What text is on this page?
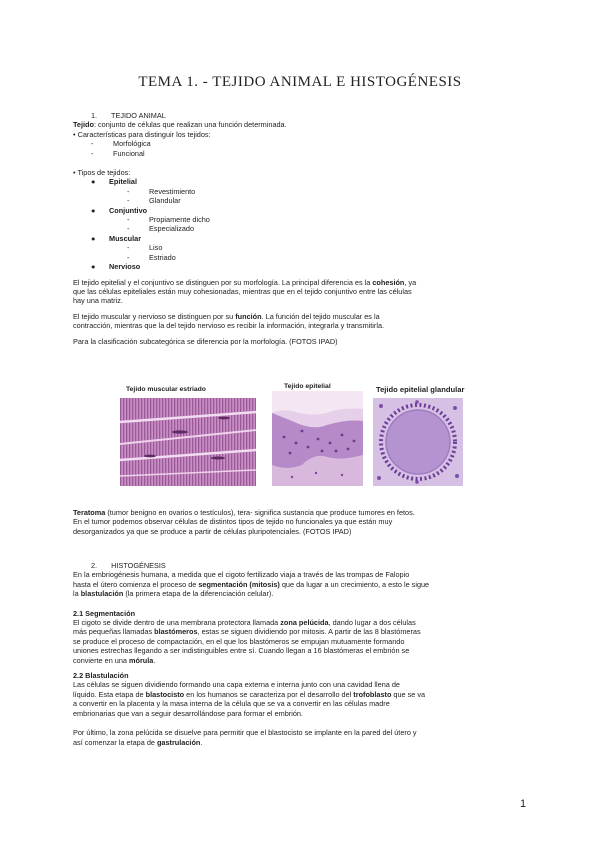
TEMA 1. - TEJIDO ANIMAL E HISTOGÉNESIS
1. TEJIDO ANIMAL
Tejido: conjunto de células que realizan una función determinada.
• Características para distinguir los tejidos:
-	Morfológica
-	Funcional
• Tipos de tejidos:
● Epitelial
-	Revestimiento
-	Glandular
● Conjuntivo
-	Propiamente dicho
-	Especializado
● Muscular
-	Liso
-	Estriado
● Nervioso
El tejido epitelial y el conjuntivo se distinguen por su morfología. La principal diferencia es la cohesión, ya
que las células epiteliales están muy cohesionadas, mientras que en el tejido conjuntivo entre las células
hay una matriz.
El tejido muscular y nervioso se distinguen por su función. La función del tejido muscular es la
contracción, mientras que la del tejido nervioso es recibir la información, integrarla y transmitirla.
Para la clasificación subcategórica se diferencia por la morfología. (FOTOS IPAD)
Tejido muscular estriado	Tejido epitelial	Tejido epitelial glandular
Teratoma (tumor benigno en ovarios o testículos), tera- significa sustancia que produce tumores en fetos.
En el tumor podemos observar células de distintos tipos de tejido no funcionales ya que están muy
desorganizados ya que se produce a partir de células pluripotenciales. (FOTOS IPAD)
2. HISTOGÉNESIS
En la embriogénesis humana, a medida que el cigoto fertilizado viaja a través de las trompas de Falopio
hasta el útero comienza el proceso de segmentación (mitosis) que da lugar a un crecimiento, a esto le sigue
la blastulación (la primera etapa de la diferenciación celular).
2.1 Segmentación
El cigoto se divide dentro de una membrana protectora llamada zona pelúcida, dando lugar a dos células
más pequeñas llamadas blastómeros, estas se siguen dividiendo por mitosis. A partir de las 8 blastómeras
se produce el proceso de compactación, en el que los blastómeros se empujan mutuamente formando
uniones estrechas llegando a ser indistinguibles entre sí. Cuando llegan a 16 blastómeras el embrión se
convierte en una mórula.
2.2 Blastulación
Las células se siguen dividiendo formando una capa externa e interna junto con una cavidad llena de
líquido. Esta etapa de blastocisto en los humanos se caracteriza por el desarrollo del trofoblasto que se va
a convertir en la placenta y la masa interna de la célula que se va a convertir en las células madre
embrionarias que van a seguir desarrollándose para formar el embrión.
Por último, la zona pelúcida se disuelve para permitir que el blastocisto se implante en la pared del útero y
así comenzar la etapa de gastrulación.
1
